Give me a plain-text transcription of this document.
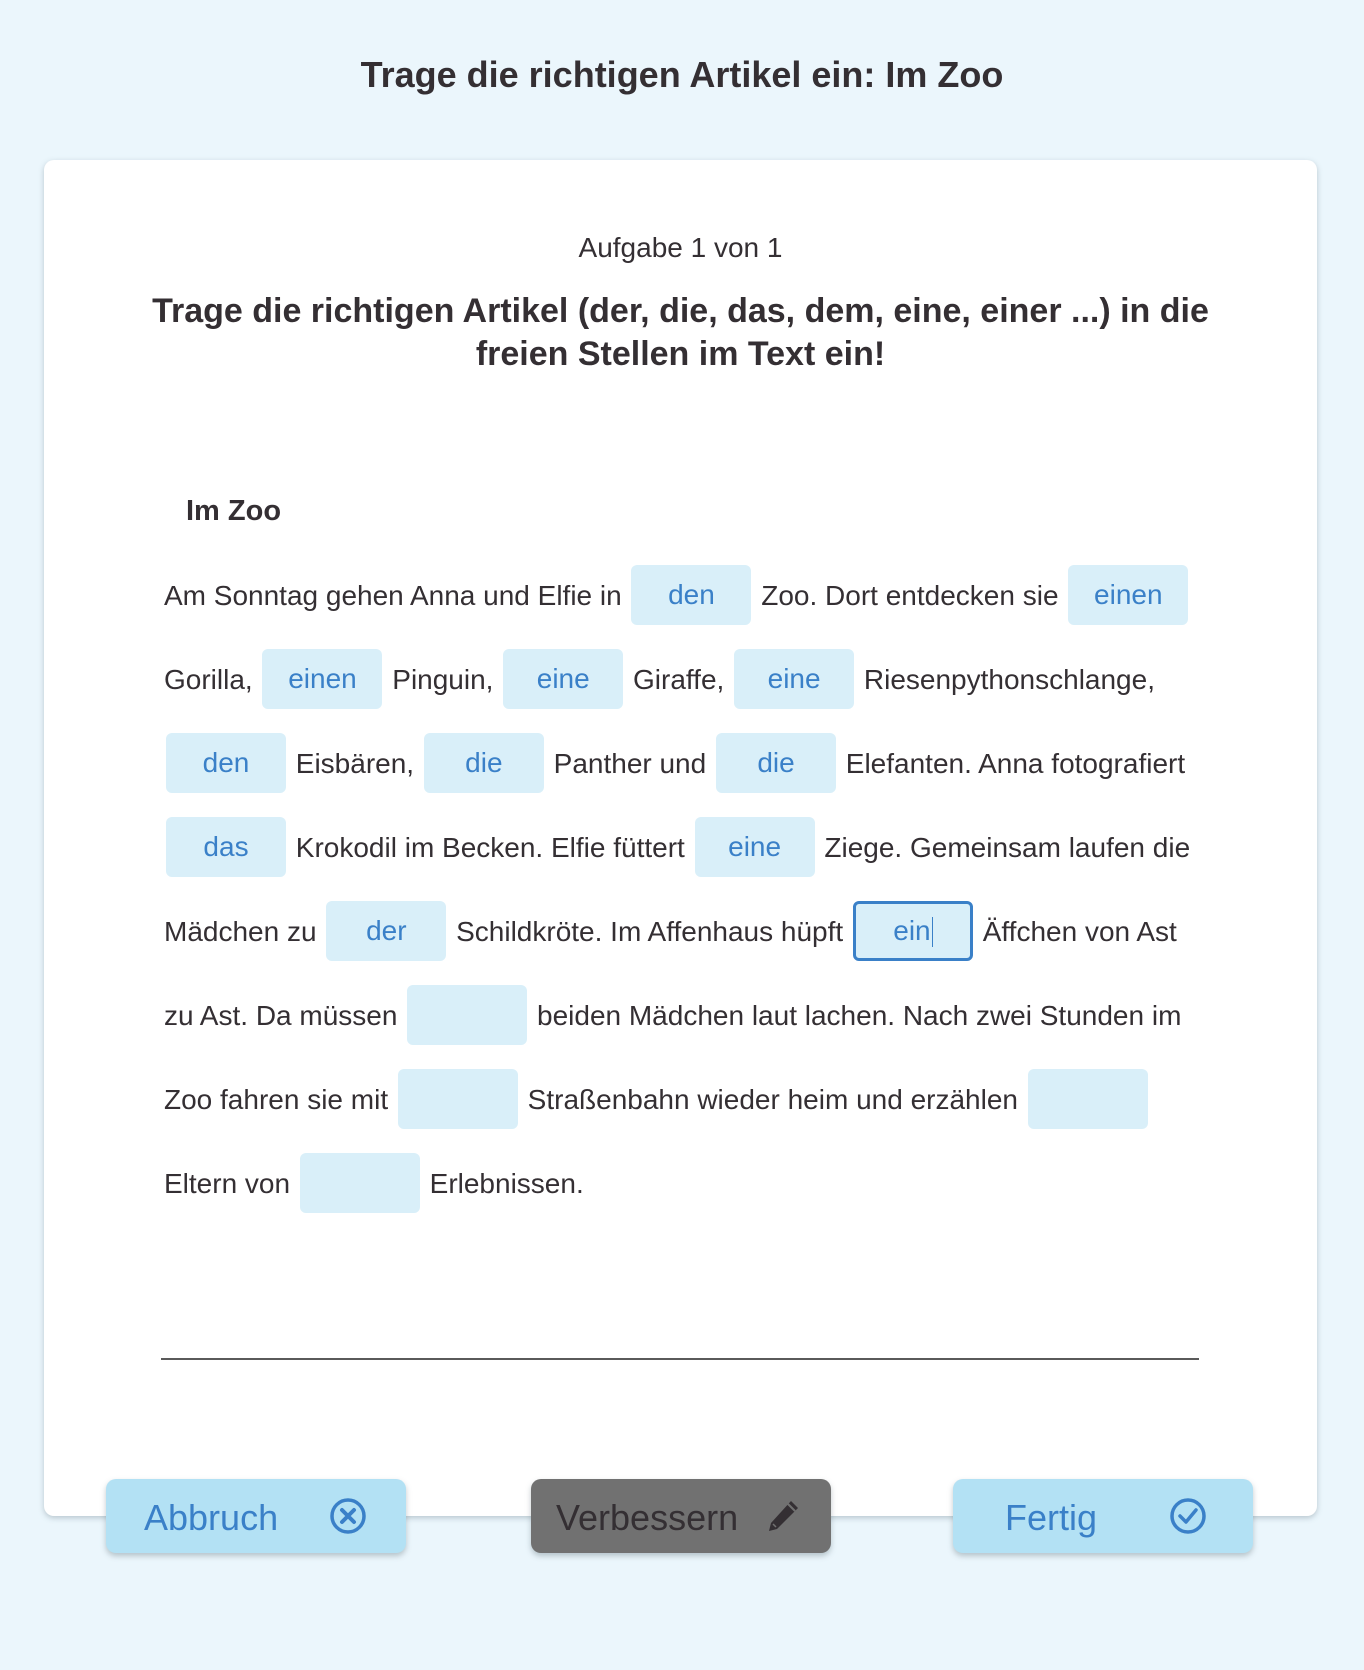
Trage die richtigen Artikel ein: Im Zoo
Aufgabe 1 von 1
Trage die richtigen Artikel (der, die, das, dem, eine, einer ...) in die freien Stellen im Text ein!
Im Zoo
Am Sonntag gehen Anna und Elfie in den Zoo. Dort entdecken sie einen Gorilla, einen Pinguin, eine Giraffe, eine Riesenpythonschlange, den Eisbären, die Panther und die Elefanten. Anna fotografiert das Krokodil im Becken. Elfie füttert eine Ziege. Gemeinsam laufen die Mädchen zu der Schildkröte. Im Affenhaus hüpft ein Äffchen von Ast zu Ast. Da müssen	beiden Mädchen laut lachen. Nach zwei Stunden im Zoo fahren sie mit	Straßenbahn wieder heim und erzählen  Eltern von	Erlebnissen.
Abbruch	Verbessern	Fertig
